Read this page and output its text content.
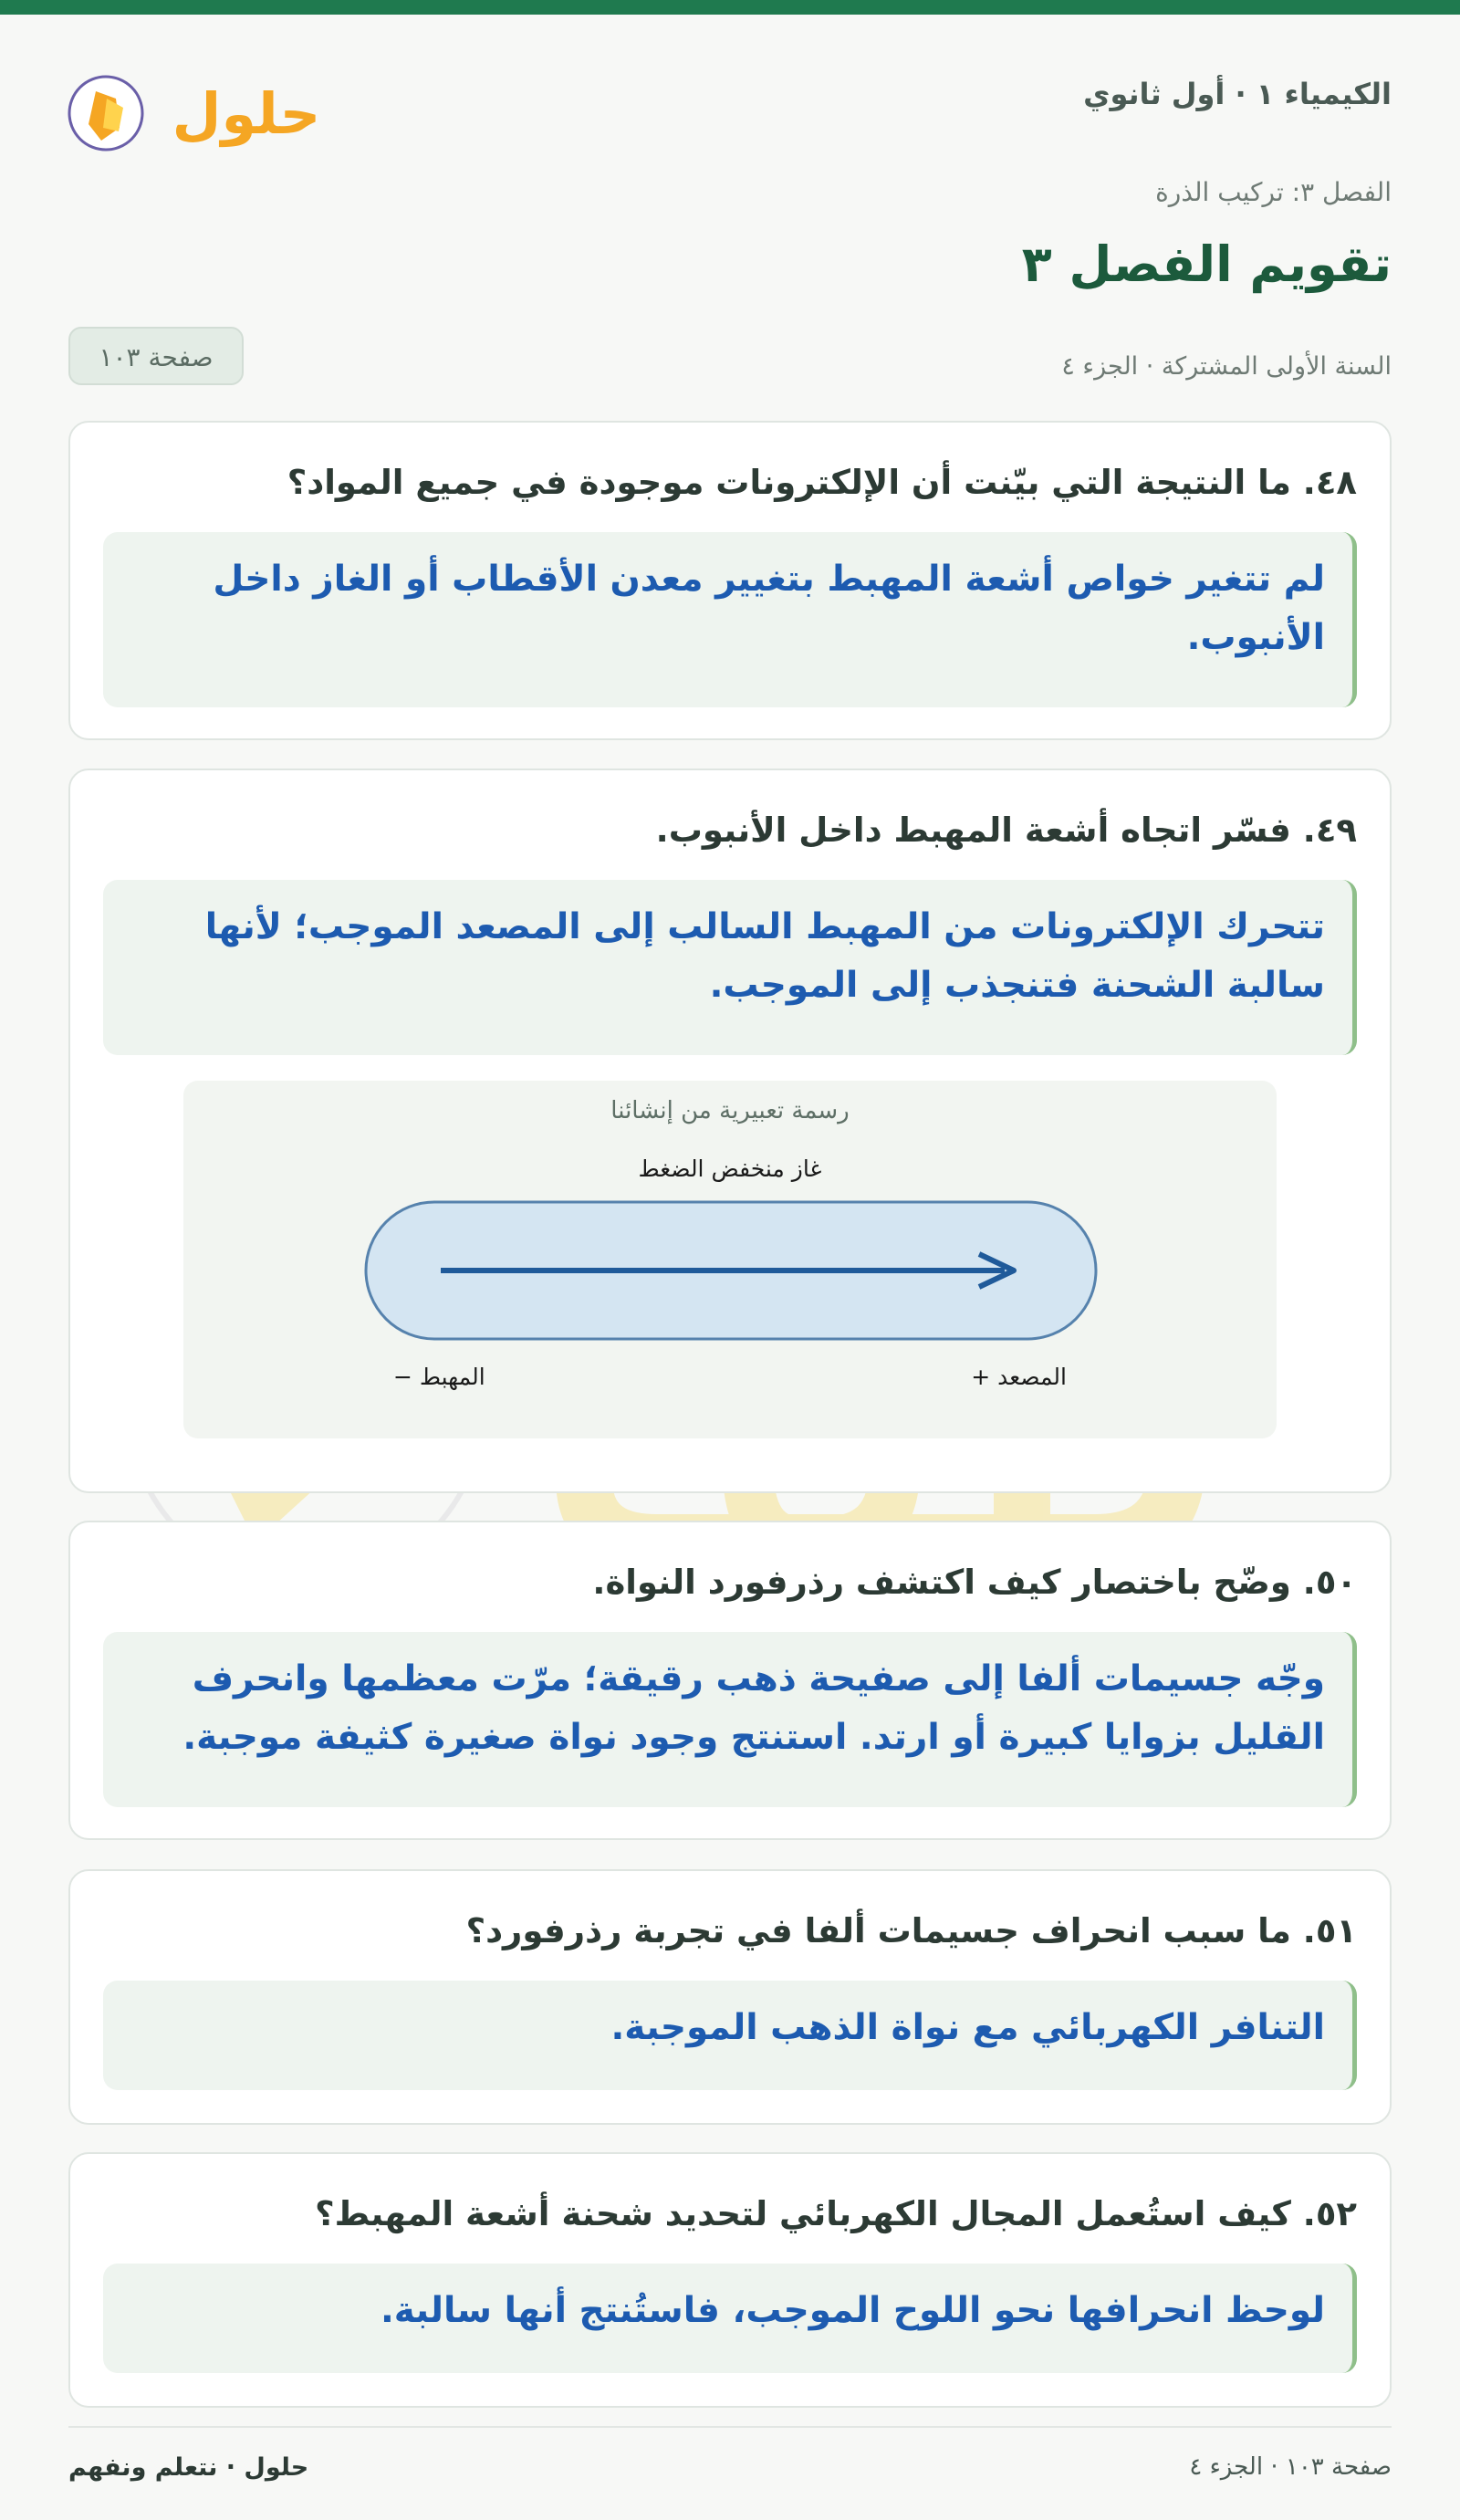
الكيمياء ١ · أول ثانوي
حلول
الفصل ٣: تركيب الذرة
تقويم الفصل ٣
السنة الأولى المشتركة · الجزء ٤
صفحة ١٠٣
٤٨. ما النتيجة التي بيّنت أن الإلكترونات موجودة في جميع المواد؟
لم تتغير خواص أشعة المهبط بتغيير معدن الأقطاب أو الغاز داخل الأنبوب.
٤٩. فسّر اتجاه أشعة المهبط داخل الأنبوب.
تتحرك الإلكترونات من المهبط السالب إلى المصعد الموجب؛ لأنها سالبة الشحنة فتنجذب إلى الموجب.
رسمة تعبيرية من إنشائنا
غاز منخفض الضغط
المصعد +
المهبط −
٥٠. وضّح باختصار كيف اكتشف رذرفورد النواة.
وجّه جسيمات ألفا إلى صفيحة ذهب رقيقة؛ مرّت معظمها وانحرف القليل بزوايا كبيرة أو ارتد. استنتج وجود نواة صغيرة كثيفة موجبة.
٥١. ما سبب انحراف جسيمات ألفا في تجربة رذرفورد؟
التنافر الكهربائي مع نواة الذهب الموجبة.
٥٢. كيف استُعمل المجال الكهربائي لتحديد شحنة أشعة المهبط؟
لوحظ انحرافها نحو اللوح الموجب، فاستُنتج أنها سالبة.
حلول · نتعلم ونفهم	صفحة ١٠٣ · الجزء ٤
